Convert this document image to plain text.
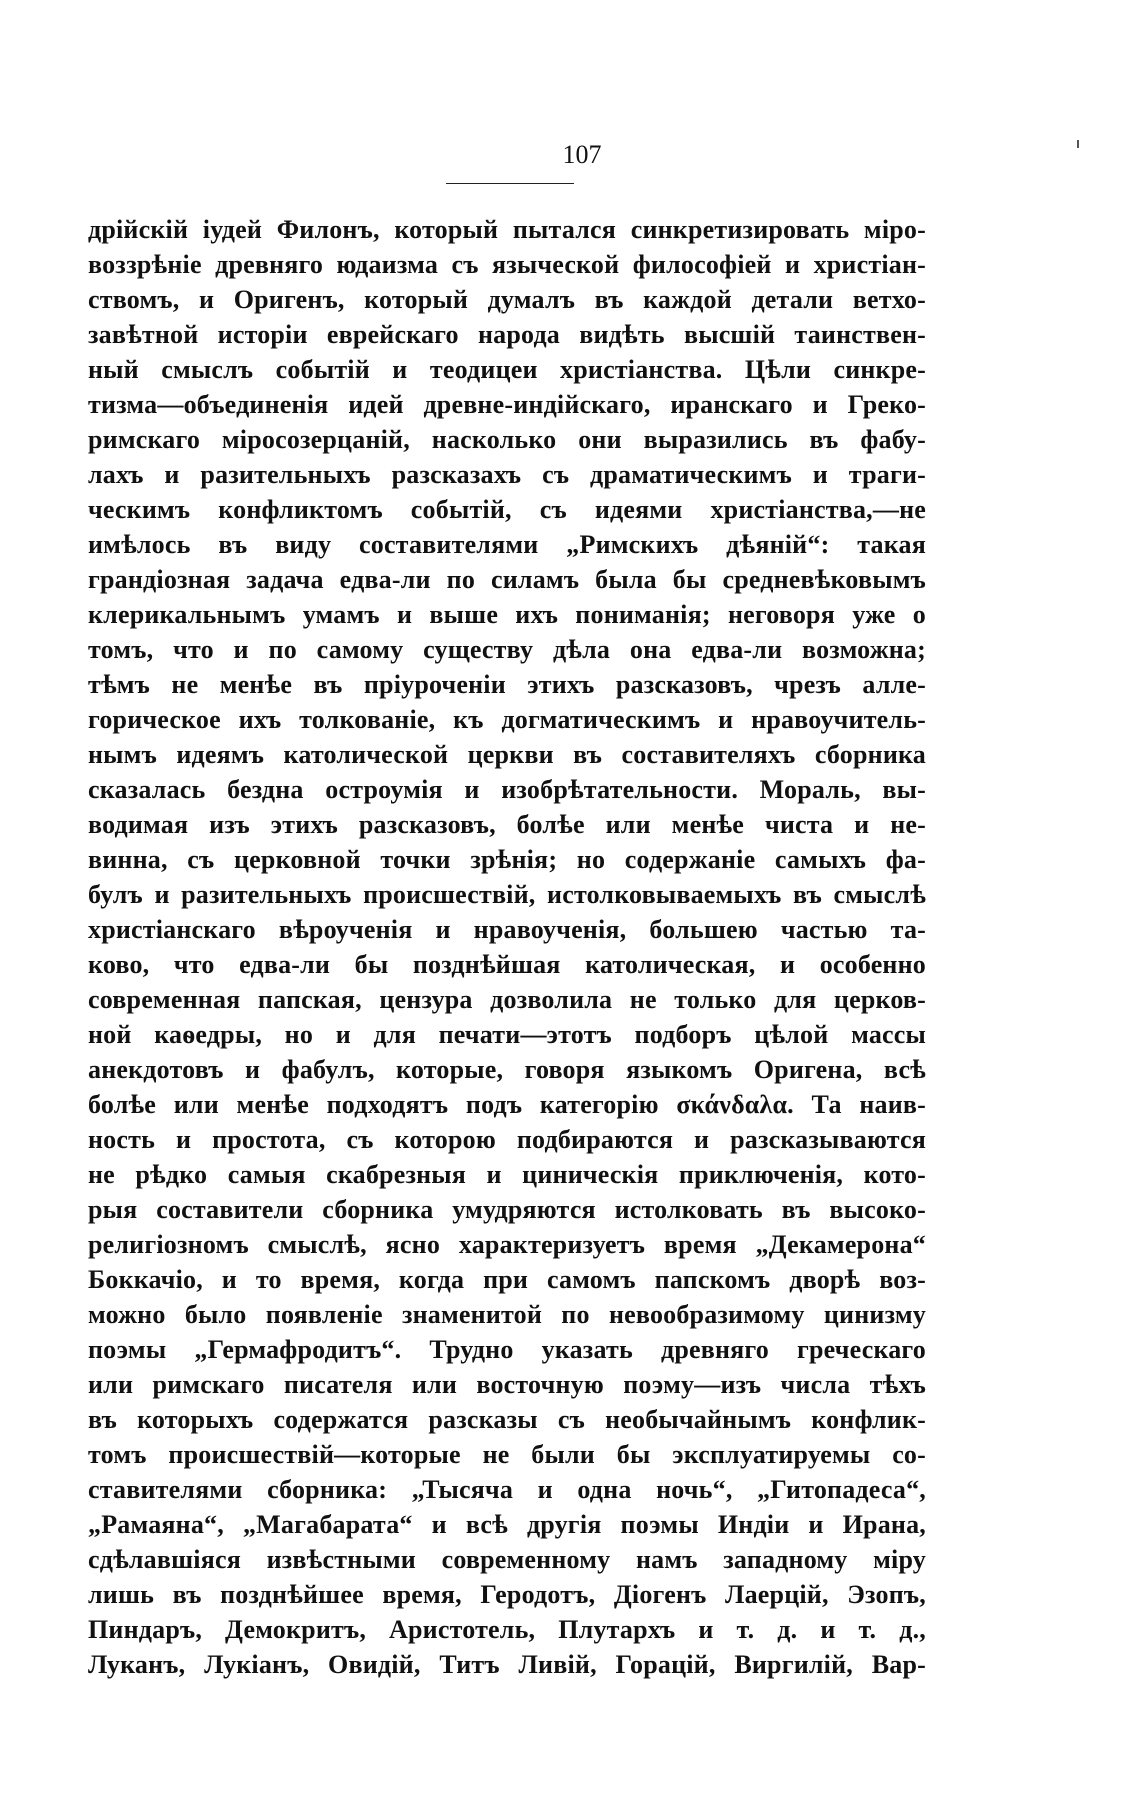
107
дрійскій іудей Филонъ, который пытался синкретизировать міро-
воззрѣніе древняго юдаизма съ языческой философіей и христіан-
ствомъ, и Оригенъ, который думалъ въ каждой детали ветхо-
завѣтной исторіи еврейскаго народа видѣть высшій таинствен-
ный смыслъ событій и теодицеи христіанства. Цѣли синкре-
тизма—объединенія идей древне-индійскаго, иранскаго и Греко-
римскаго міросозерцаній, насколько они выразились въ фабу-
лахъ и разительныхъ разсказахъ съ драматическимъ и траги-
ческимъ конфликтомъ событій, съ идеями христіанства,—не
имѣлось въ виду составителями „Римскихъ дѣяній“: такая
грандіозная задача едва-ли по силамъ была бы средневѣковымъ
клерикальнымъ умамъ и выше ихъ пониманія; неговоря уже о
томъ, что и по самому существу дѣла она едва-ли возможна;
тѣмъ не менѣе въ пріуроченіи этихъ разсказовъ, чрезъ алле-
горическое ихъ толкованіе, къ догматическимъ и нравоучитель-
нымъ идеямъ католической церкви въ составителяхъ сборника
сказалась бездна остроумія и изобрѣтательности. Мораль, вы-
водимая изъ этихъ разсказовъ, болѣе или менѣе чиста и не-
винна, съ церковной точки зрѣнія; но содержаніе самыхъ фа-
булъ и разительныхъ происшествій, истолковываемыхъ въ смыслѣ
христіанскаго вѣроученія и нравоученія, большею частью та-
ково, что едва-ли бы позднѣйшая католическая, и особенно
современная папская, цензура дозволила не только для церков-
ной каѳедры, но и для печати—этотъ подборъ цѣлой массы
анекдотовъ и фабулъ, которые, говоря языкомъ Оригена, всѣ
болѣе или менѣе подходятъ подъ категорію σκάνδαλα. Та наив-
ность и простота, съ которою подбираются и разсказываются
не рѣдко самыя скабрезныя и циническія приключенія, кото-
рыя составители сборника умудряются истолковать въ высоко-
религіозномъ смыслѣ, ясно характеризуетъ время „Декамерона“
Боккачіо, и то время, когда при самомъ папскомъ дворѣ воз-
можно было появленіе знаменитой по невообразимому цинизму
поэмы „Гермафродитъ“. Трудно указать древняго греческаго
или римскаго писателя или восточную поэму—изъ числа тѣхъ
въ которыхъ содержатся разсказы съ необычайнымъ конфлик-
томъ происшествій—которые не были бы эксплуатируемы со-
ставителями сборника: „Тысяча и одна ночь“, „Гитопадеса“,
„Рамаяна“, „Магабарата“ и всѣ другія поэмы Индіи и Ирана,
сдѣлавшіяся извѣстными современному намъ западному міру
лишь въ позднѣйшее время, Геродотъ, Діогенъ Лаерцій, Эзопъ,
Пиндаръ, Демокритъ, Аристотель, Плутархъ и т. д. и т. д.,
Луканъ, Лукіанъ, Овидій, Титъ Ливій, Горацій, Виргилій, Вар-
